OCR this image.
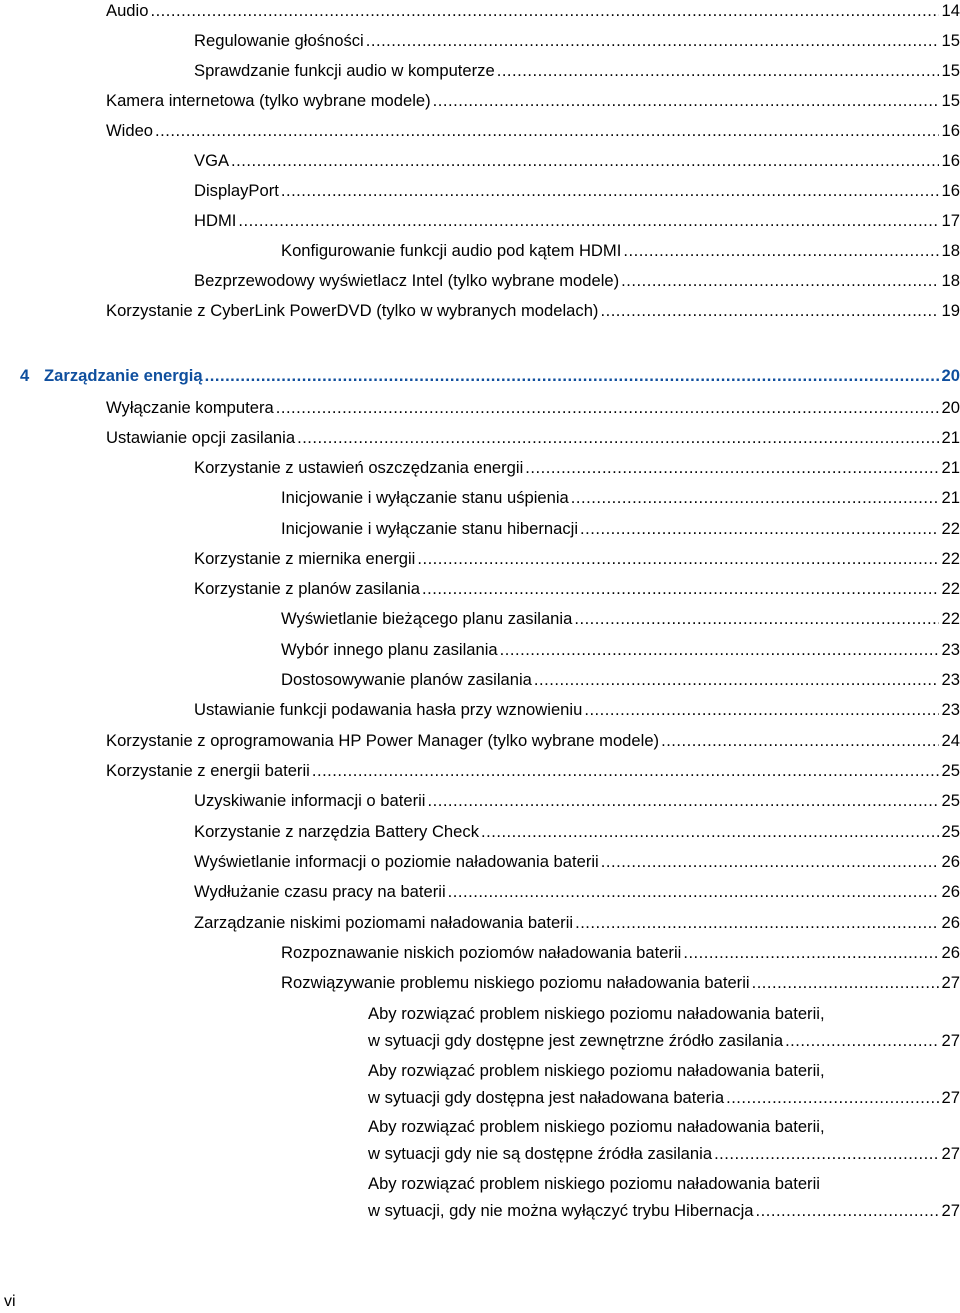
Audio .....	14
Regulowanie głośności .....	15
Sprawdzanie funkcji audio w komputerze .....	15
Kamera internetowa (tylko wybrane modele) .....	15
Wideo .....	16
VGA .....	16
DisplayPort .....	16
HDMI .....	17
Konfigurowanie funkcji audio pod kątem HDMI .....	18
Bezprzewodowy wyświetlacz Intel (tylko wybrane modele) .....	18
Korzystanie z CyberLink PowerDVD (tylko w wybranych modelach) .....	19
4 Zarządzanie energią .....	20
Wyłączanie komputera .....	20
Ustawianie opcji zasilania .....	21
Korzystanie z ustawień oszczędzania energii .....	21
Inicjowanie i wyłączanie stanu uśpienia .....	21
Inicjowanie i wyłączanie stanu hibernacji .....	22
Korzystanie z miernika energii .....	22
Korzystanie z planów zasilania .....	22
Wyświetlanie bieżącego planu zasilania .....	22
Wybór innego planu zasilania .....	23
Dostosowywanie planów zasilania .....	23
Ustawianie funkcji podawania hasła przy wznowieniu .....	23
Korzystanie z oprogramowania HP Power Manager (tylko wybrane modele) .....	24
Korzystanie z energii baterii .....	25
Uzyskiwanie informacji o baterii .....	25
Korzystanie z narzędzia Battery Check .....	25
Wyświetlanie informacji o poziomie naładowania baterii .....	26
Wydłużanie czasu pracy na baterii .....	26
Zarządzanie niskimi poziomami naładowania baterii .....	26
Rozpoznawanie niskich poziomów naładowania baterii .....	26
Rozwiązywanie problemu niskiego poziomu naładowania baterii .....	27
Aby rozwiązać problem niskiego poziomu naładowania baterii,
w sytuacji gdy dostępne jest zewnętrzne źródło zasilania .....	27
Aby rozwiązać problem niskiego poziomu naładowania baterii,
w sytuacji gdy dostępna jest naładowana bateria .....	27
Aby rozwiązać problem niskiego poziomu naładowania baterii,
w sytuacji gdy nie są dostępne źródła zasilania .....	27
Aby rozwiązać problem niskiego poziomu naładowania baterii
w sytuacji, gdy nie można wyłączyć trybu Hibernacja .....	27
vi
